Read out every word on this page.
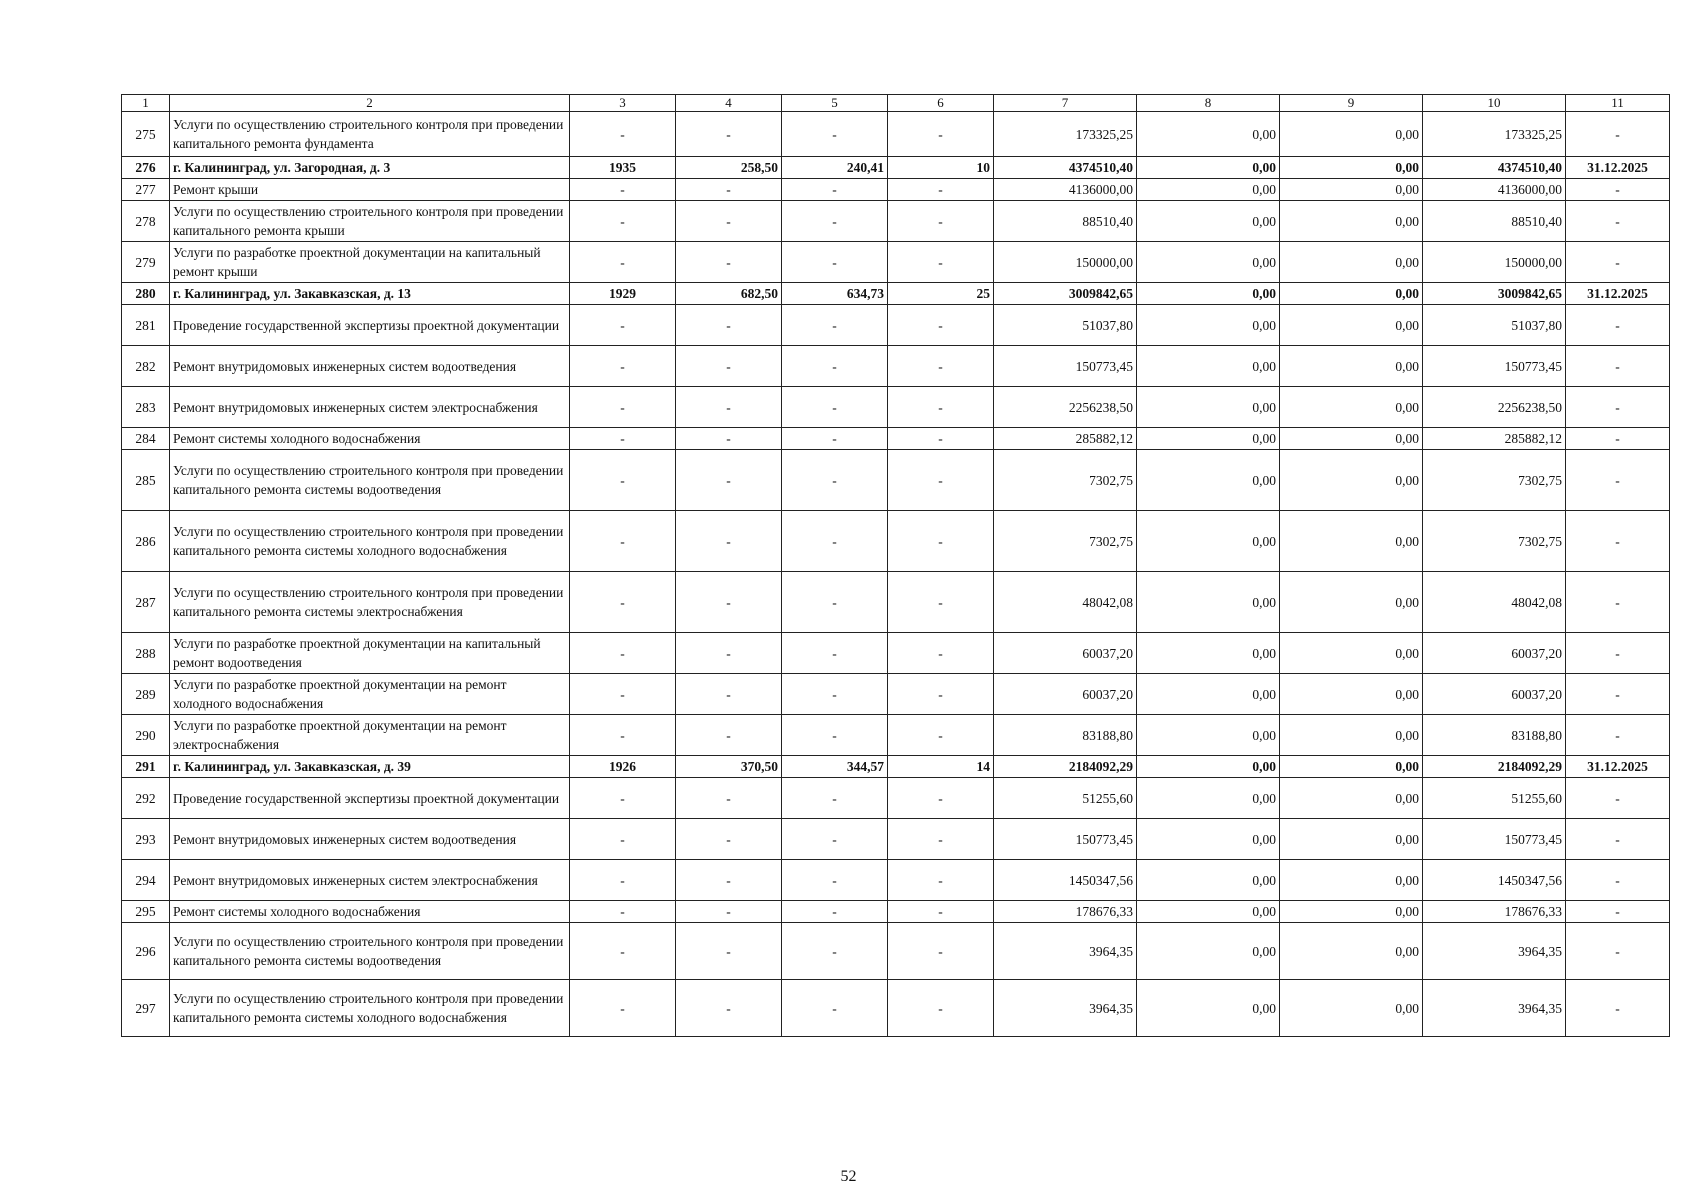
1	2	3	4	5	6	7	8	9	10	11
275	Услуги по осуществлению строительного контроля при проведении капитального ремонта фундамента	-	-	-	-	173325,25	0,00	0,00	173325,25	-
276	г. Калининград, ул. Загородная, д. 3	1935	258,50	240,41	10	4374510,40	0,00	0,00	4374510,40	31.12.2025
277	Ремонт крыши	-	-	-	-	4136000,00	0,00	0,00	4136000,00	-
278	Услуги по осуществлению строительного контроля при проведении капитального ремонта крыши	-	-	-	-	88510,40	0,00	0,00	88510,40	-
279	Услуги по разработке проектной документации на капитальный ремонт крыши	-	-	-	-	150000,00	0,00	0,00	150000,00	-
280	г. Калининград, ул. Закавказская, д. 13	1929	682,50	634,73	25	3009842,65	0,00	0,00	3009842,65	31.12.2025
281	Проведение государственной экспертизы проектной документации	-	-	-	-	51037,80	0,00	0,00	51037,80	-
282	Ремонт внутридомовых инженерных систем водоотведения	-	-	-	-	150773,45	0,00	0,00	150773,45	-
283	Ремонт внутридомовых инженерных систем электроснабжения	-	-	-	-	2256238,50	0,00	0,00	2256238,50	-
284	Ремонт системы холодного водоснабжения	-	-	-	-	285882,12	0,00	0,00	285882,12	-
285	Услуги по осуществлению строительного контроля при проведении капитального ремонта системы водоотведения	-	-	-	-	7302,75	0,00	0,00	7302,75	-
286	Услуги по осуществлению строительного контроля при проведении капитального ремонта системы холодного водоснабжения	-	-	-	-	7302,75	0,00	0,00	7302,75	-
287	Услуги по осуществлению строительного контроля при проведении капитального ремонта системы электроснабжения	-	-	-	-	48042,08	0,00	0,00	48042,08	-
288	Услуги по разработке проектной документации на капитальный ремонт водоотведения	-	-	-	-	60037,20	0,00	0,00	60037,20	-
289	Услуги по разработке проектной документации на ремонт холодного водоснабжения	-	-	-	-	60037,20	0,00	0,00	60037,20	-
290	Услуги по разработке проектной документации на ремонт электроснабжения	-	-	-	-	83188,80	0,00	0,00	83188,80	-
291	г. Калининград, ул. Закавказская, д. 39	1926	370,50	344,57	14	2184092,29	0,00	0,00	2184092,29	31.12.2025
292	Проведение государственной экспертизы проектной документации	-	-	-	-	51255,60	0,00	0,00	51255,60	-
293	Ремонт внутридомовых инженерных систем водоотведения	-	-	-	-	150773,45	0,00	0,00	150773,45	-
294	Ремонт внутридомовых инженерных систем электроснабжения	-	-	-	-	1450347,56	0,00	0,00	1450347,56	-
295	Ремонт системы холодного водоснабжения	-	-	-	-	178676,33	0,00	0,00	178676,33	-
296	Услуги по осуществлению строительного контроля при проведении капитального ремонта системы водоотведения	-	-	-	-	3964,35	0,00	0,00	3964,35	-
297	Услуги по осуществлению строительного контроля при проведении капитального ремонта системы холодного водоснабжения	-	-	-	-	3964,35	0,00	0,00	3964,35	-
52
